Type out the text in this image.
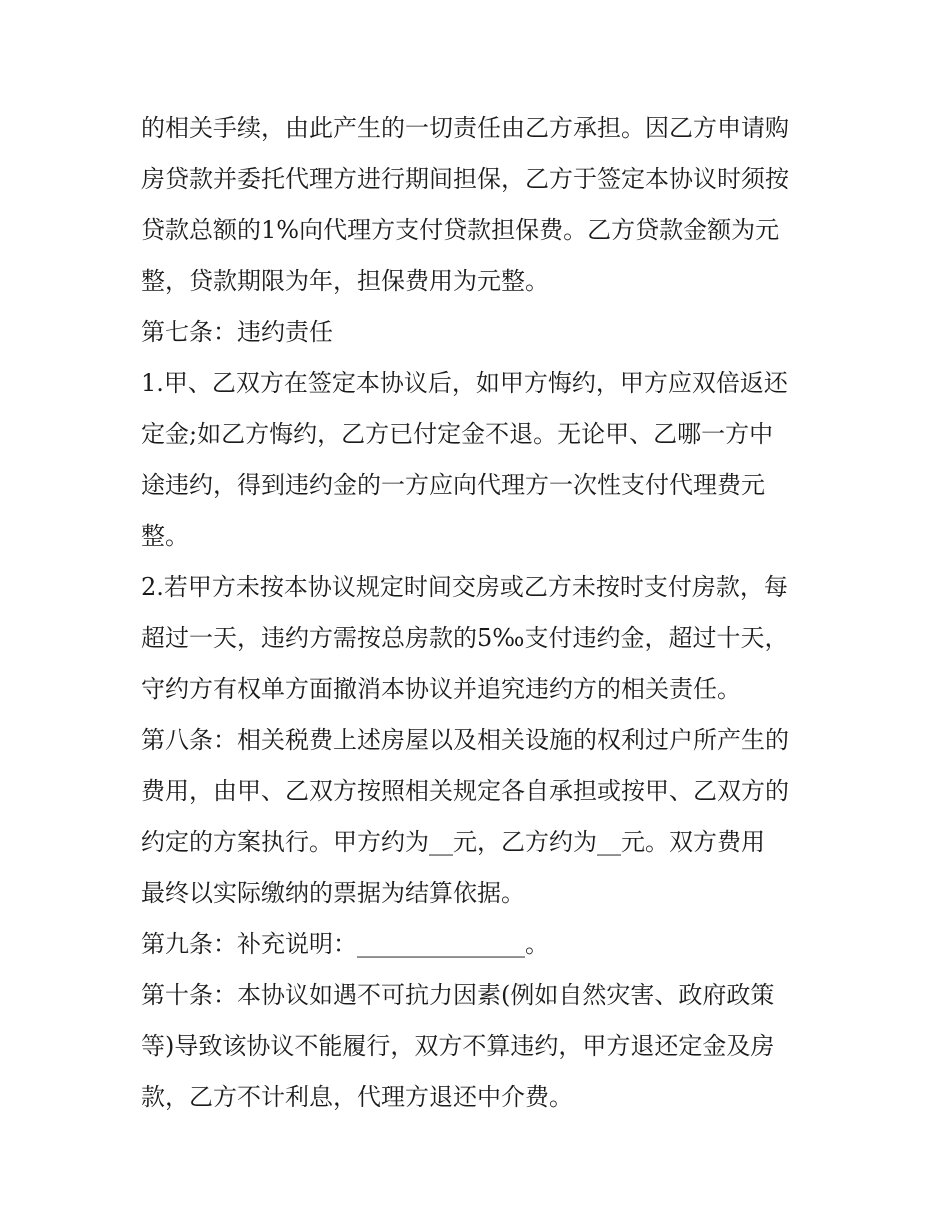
的相关手续，由此产生的一切责任由乙方承担。因乙方申请购
房贷款并委托代理方进行期间担保，乙方于签定本协议时须按
贷款总额的1%向代理方支付贷款担保费。乙方贷款金额为元
整，贷款期限为年，担保费用为元整。
第七条：违约责任
1.甲、乙双方在签定本协议后，如甲方悔约，甲方应双倍返还
定金;如乙方悔约，乙方已付定金不退。无论甲、乙哪一方中
途违约，得到违约金的一方应向代理方一次性支付代理费元
整。
2.若甲方未按本协议规定时间交房或乙方未按时支付房款，每
超过一天，违约方需按总房款的5‰支付违约金，超过十天，
守约方有权单方面撤消本协议并追究违约方的相关责任。
第八条：相关税费上述房屋以及相关设施的权利过户所产生的
费用，由甲、乙双方按照相关规定各自承担或按甲、乙双方的
约定的方案执行。甲方约为__元，乙方约为__元。双方费用
最终以实际缴纳的票据为结算依据。
第九条：补充说明：______________。
第十条：本协议如遇不可抗力因素(例如自然灾害、政府政策
等)导致该协议不能履行，双方不算违约，甲方退还定金及房
款，乙方不计利息，代理方退还中介费。
